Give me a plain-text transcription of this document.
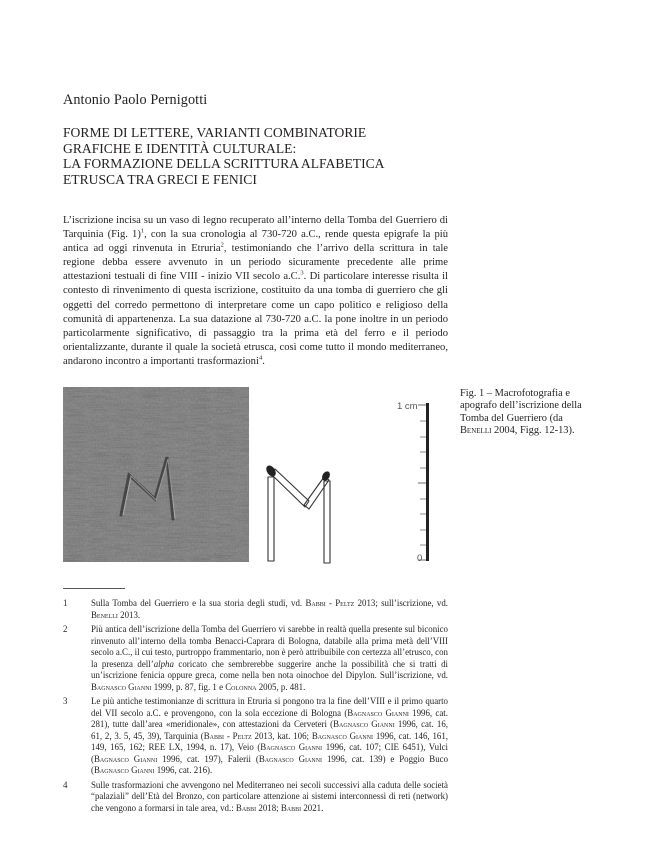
Antonio Paolo Pernigotti
FORME DI LETTERE, VARIANTI COMBINATORIE
GRAFICHE E IDENTITÀ CULTURALE:
LA FORMAZIONE DELLA SCRITTURA ALFABETICA
ETRUSCA TRA GRECI E FENICI

L’iscrizione incisa su un vaso di legno recuperato all’interno della Tomba del Guerriero di Tarquinia (Fig. 1)$^1$, con la sua cronologia al 730-720 a.C., rende questa epigrafe la più antica ad oggi rinvenuta in Etruria$^2$, testimoniando che l’arrivo della scrittura in tale regione debba essere avvenuto in un periodo sicuramente precedente alle prime attestazioni testuali di fine VIII - inizio VII secolo a.C.$^3$. Di particolare interesse risulta il contesto di rinvenimento di questa iscrizione, costituito da una tomba di guerriero che gli oggetti del corredo permettono di interpretare come un capo politico e religioso della comunità di appartenenza. La sua datazione al 730-720 a.C. la pone inoltre in un periodo particolarmente significativo, di passaggio tra la prima età del ferro e il periodo orientalizzante, durante il quale la società etrusca, così come tutto il mondo mediterraneo, andarono incontro a importanti trasformazioni$^4$.

1 cm
0
Fig. 1 – Macrofotografia e apografo dell’iscrizione della Tomba del Guerriero (da Benelli 2004, Figg. 12-13).
1	Sulla Tomba del Guerriero e la sua storia degli studi, vd. Babbi - Peltz 2013; sull’iscrizione, vd. Benelli 2013.
2	Più antica dell’iscrizione della Tomba del Guerriero vi sarebbe in realtà quella presente sul biconico rinvenuto all’interno della tomba Benacci-Caprara di Bologna, databile alla prima metà dell’VIII secolo a.C., il cui testo, purtroppo frammentario, non è però attribuibile con certezza all’etrusco, con la presenza dell’alpha coricato che sembrerebbe suggerire anche la possibilità che si tratti di un’iscrizione fenicia oppure greca, come nella ben nota oinochoe del Dipylon. Sull’iscrizione, vd. Bagnasco Gianni 1999, p. 87, fig. 1 e Colonna 2005, p. 481.
3	Le più antiche testimonianze di scrittura in Etruria si pongono tra la fine dell’VIII e il primo quarto del VII secolo a.C. e provengono, con la sola eccezione di Bologna (Bagnasco Gianni 1996, cat. 281), tutte dall’area «meridionale», con attestazioni da Cerveteri (Bagnasco Gianni 1996, cat. 16, 61, 2, 3. 5, 45, 39), Tarquinia (Babbi - Peltz 2013, kat. 106; Bagnasco Gianni 1996, cat. 146, 161, 149, 165, 162; REE LX, 1994, n. 17), Veio (Bagnasco Gianni 1996, cat. 107; CIE 6451), Vulci (Bagnasco Gianni 1996, cat. 197), Falerii (Bagnasco Gianni 1996, cat. 139) e Poggio Buco (Bagnasco Gianni 1996, cat. 216).
4	Sulle trasformazioni che avvengono nel Mediterraneo nei secoli successivi alla caduta delle società “palaziali” dell’Età del Bronzo, con particolare attenzione ai sistemi interconnessi di reti (network) che vengono a formarsi in tale area, vd.: Babbi 2018; Babbi 2021.
